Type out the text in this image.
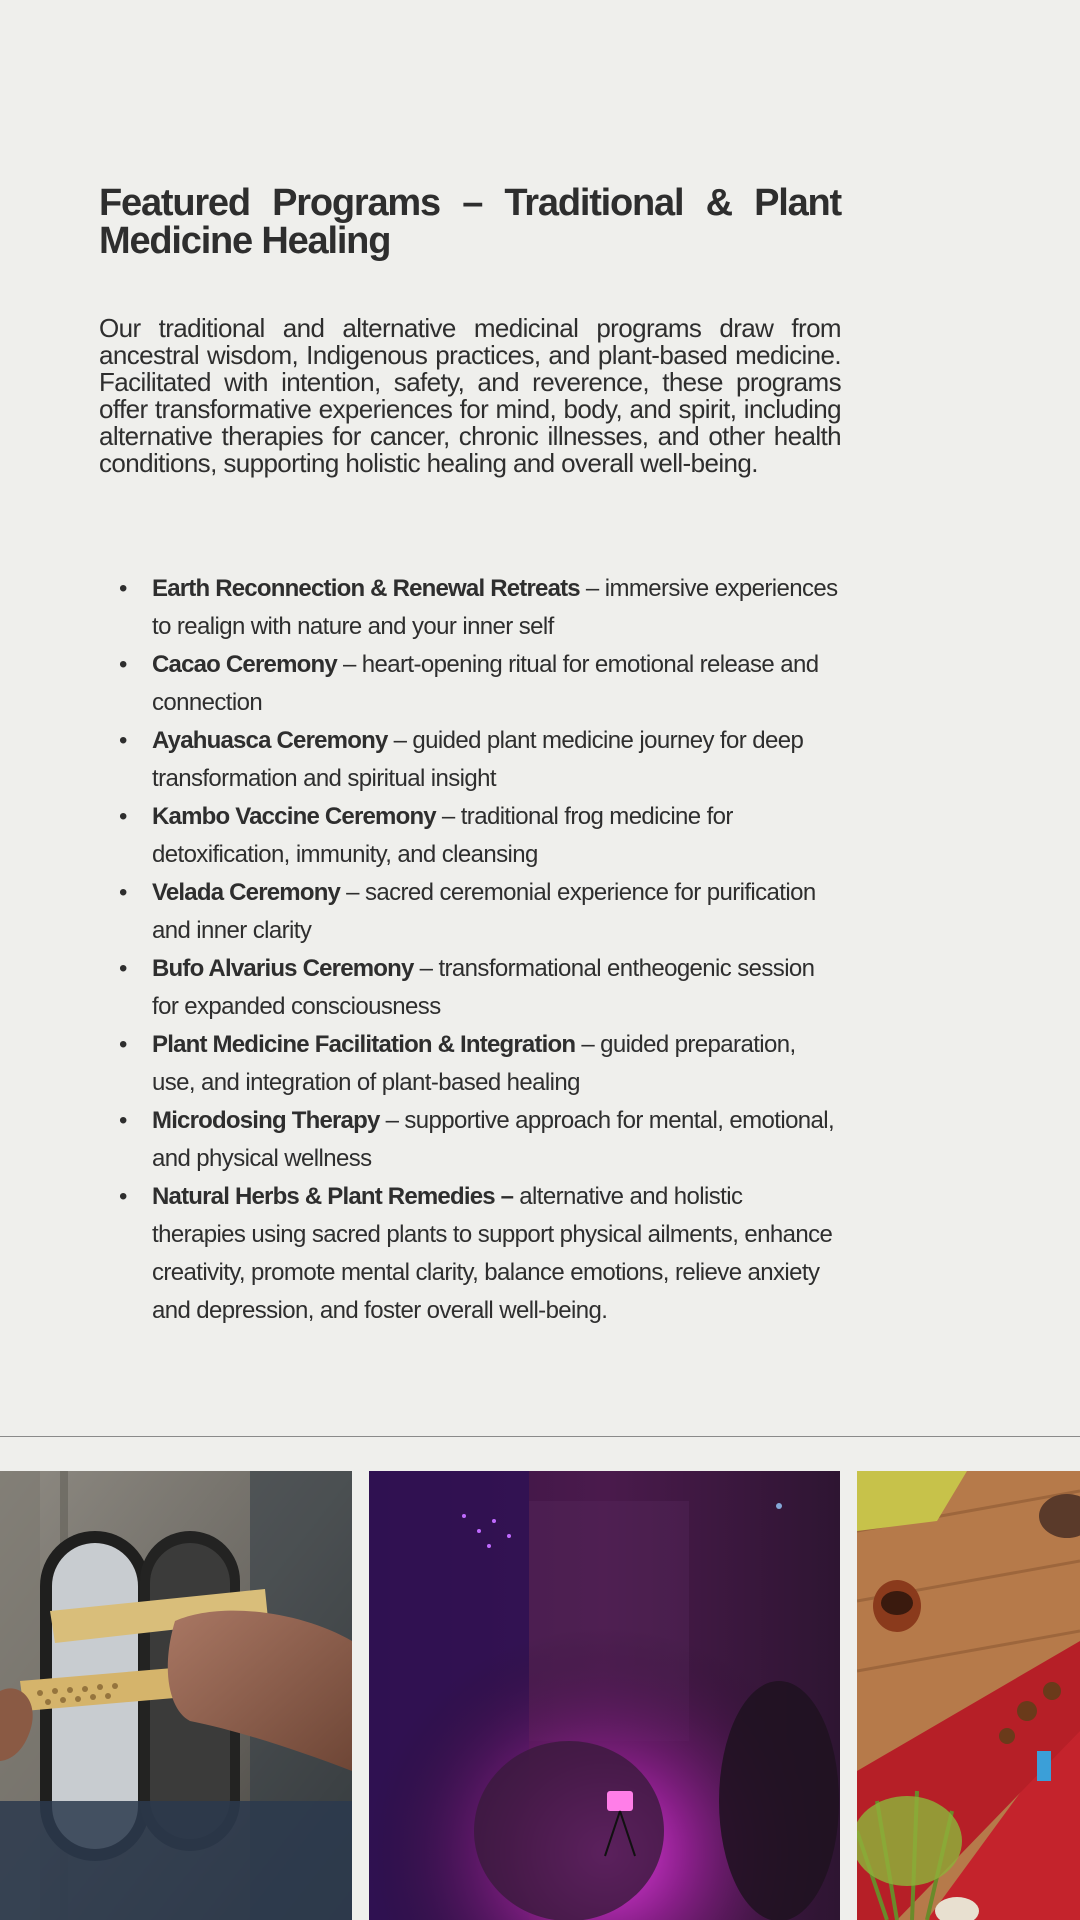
Featured Programs – Traditional & Plant Medicine Healing

Our traditional and alternative medicinal programs draw from ancestral wisdom, Indigenous practices, and plant-based medicine. Facilitated with intention, safety, and reverence, these programs offer transformative experiences for mind, body, and spirit, including alternative therapies for cancer, chronic illnesses, and other health conditions, supporting holistic healing and overall well-being.

• Earth Reconnection & Renewal Retreats – immersive experiences to realign with nature and your inner self
• Cacao Ceremony – heart-opening ritual for emotional release and connection
• Ayahuasca Ceremony – guided plant medicine journey for deep transformation and spiritual insight
• Kambo Vaccine Ceremony – traditional frog medicine for detoxification, immunity, and cleansing
• Velada Ceremony – sacred ceremonial experience for purification and inner clarity
• Bufo Alvarius Ceremony – transformational entheogenic session for expanded consciousness
• Plant Medicine Facilitation & Integration – guided preparation, use, and integration of plant-based healing
• Microdosing Therapy – supportive approach for mental, emotional, and physical wellness
• Natural Herbs & Plant Remedies – alternative and holistic therapies using sacred plants to support physical ailments, enhance creativity, promote mental clarity, balance emotions, relieve anxiety and depression, and foster overall well-being.
